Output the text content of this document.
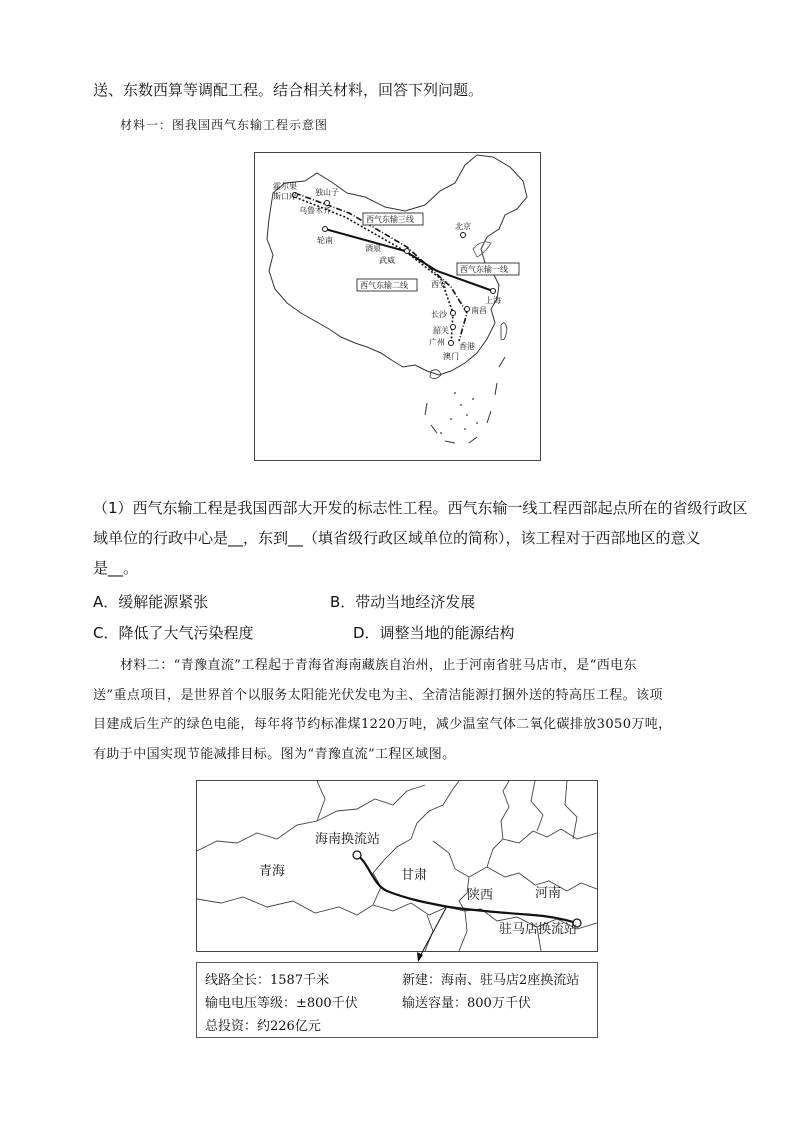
送、东数西算等调配工程。结合相关材料，回答下列问题。
材料一：图我国西气东输工程示意图
霍尔果
斯口岸 独山子
乌鲁木齐
轮南
酒泉
武威
西安
北京
上海
南昌
长沙
韶关
广州 香港
澳门
西气东输三线
西气东输一线
西气东输二线
（1）西气东输工程是我国西部大开发的标志性工程。西气东输一线工程西部起点所在的省级行政区
域单位的行政中心是__，东到__（填省级行政区域单位的简称），该工程对于西部地区的意义
是__。
A．缓解能源紧张	B．带动当地经济发展
C．降低了大气污染程度	D．调整当地的能源结构
材料二：“青豫直流”工程起于青海省海南藏族自治州，止于河南省驻马店市，是“西电东
送”重点项目，是世界首个以服务太阳能光伏发电为主、全清洁能源打捆外送的特高压工程。该项
目建成后生产的绿色电能，每年将节约标准煤1220万吨，减少温室气体二氧化碳排放3050万吨，
有助于中国实现节能减排目标。图为“青豫直流”工程区域图。
海南换流站
青海	甘肃
陕西	河南
驻马店换流站
线路全长：1587千米	新建：海南、驻马店2座换流站
输电电压等级：±800千伏	输送容量：800万千伏
总投资：约226亿元
